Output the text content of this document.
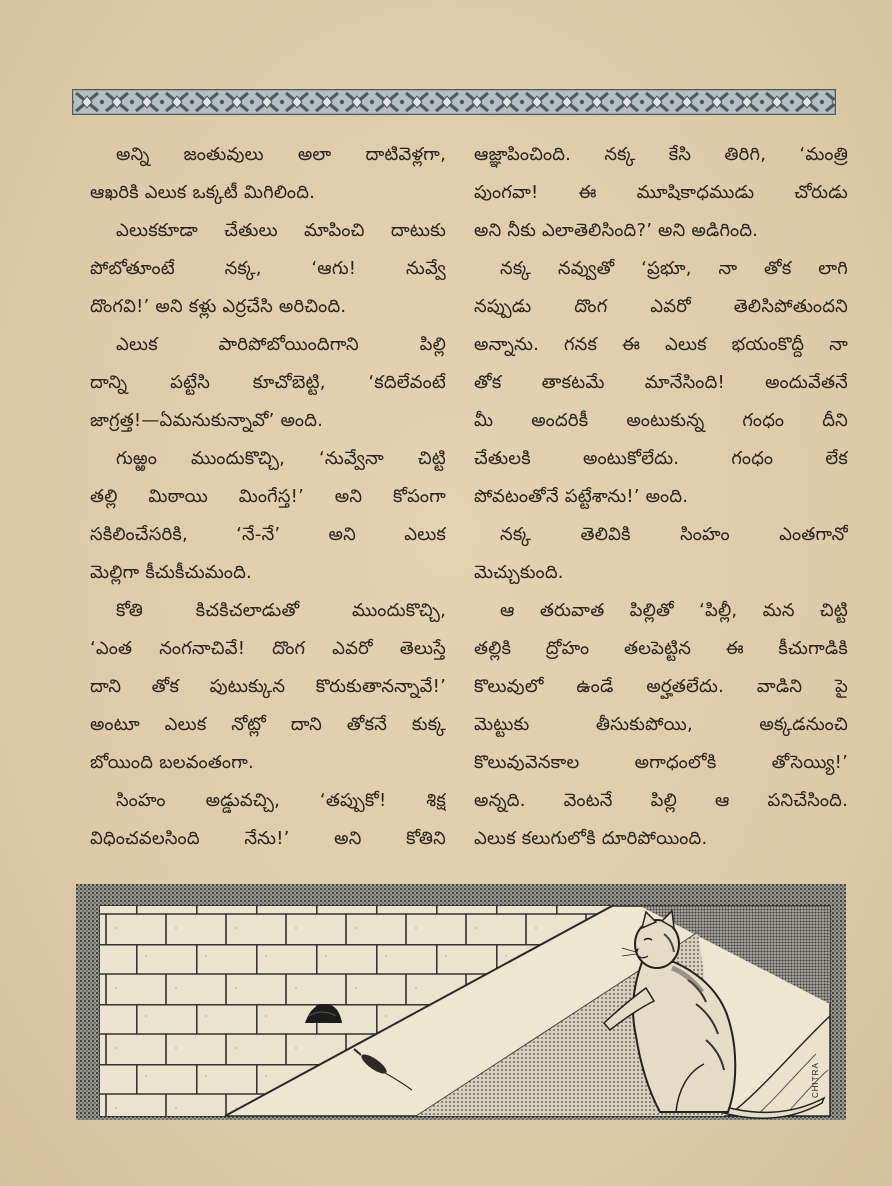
అన్ని జంతువులు అలా దాటివెళ్లగా,
ఆఖరికి ఎలుక ఒక్కటీ మిగిలింది.
ఎలుకకూడా చేతులు మాపించి దాటుకు
పోబోతూంటే నక్క, ‘ఆగు! నువ్వే
దొంగవి!’ అని కళ్లు ఎర్రచేసి అరిచింది.
ఎలుక పారిపోబోయిందిగాని పిల్లి
దాన్ని పట్టేసి కూచోబెట్టి, ‘కదిలేవంటే
జాగ్రత్త!—ఏమనుకున్నావో’ అంది.
గుఱ్ఱం ముందుకొచ్చి, ‘నువ్వేనా చిట్టి
తల్లి మిఠాయి మింగేస్త!’ అని కోపంగా
సకిలించేసరికి, ‘నే-నే’ అని ఎలుక
మెల్లిగా కీచుకీచుమంది.
కోతి కిచకిచలాడుతో ముందుకొచ్చి,
‘ఎంత నంగనాచివే! దొంగ ఎవరో తెలుస్తే
దాని తోక పుటుక్కున కొరుకుతానన్నావే!’
అంటూ ఎలుక నోట్లో దాని తోకనే కుక్క
బోయింది బలవంతంగా.
సింహం అడ్డువచ్చి, ‘తప్పుకో! శిక్ష
విధించవలసింది నేను!’ అని కోతిని
ఆజ్ఞాపించింది. నక్క కేసి తిరిగి, ‘మంత్రి
పుంగవా! ఈ మూషికాధముడు చోరుడు
అని నీకు ఎలాతెలిసింది?’ అని అడిగింది.
నక్క నవ్వుతో ‘ప్రభూ, నా తోక లాగి
నప్పుడు దొంగ ఎవరో తెలిసిపోతుందని
అన్నాను. గనక ఈ ఎలుక భయంకొద్దీ నా
తోక తాకటమే మానేసింది! అందువేతనే
మీ అందరికీ అంటుకున్న గంధం దీని
చేతులకి అంటుకోలేదు. గంధం లేక
పోవటంతోనే పట్టేశాను!’ అంది.
నక్క తెలివికి సింహం ఎంతగానో
మెచ్చుకుంది.
ఆ తరువాత పిల్లితో ‘పిల్లీ, మన చిట్టి
తల్లికి ద్రోహం తలపెట్టిన ఈ కీచుగాడికి
కొలువులో ఉండే అర్హతలేదు. వాడిని పై
మెట్టుకు తీసుకుపోయి, అక్కడనుంచి
కొలువువెనకాల అగాధంలోకి తోసెయ్యి!’
అన్నది. వెంటనే పిల్లి ఆ పనిచేసింది.
ఎలుక కలుగులోకి దూరిపోయింది.
CHITRA
